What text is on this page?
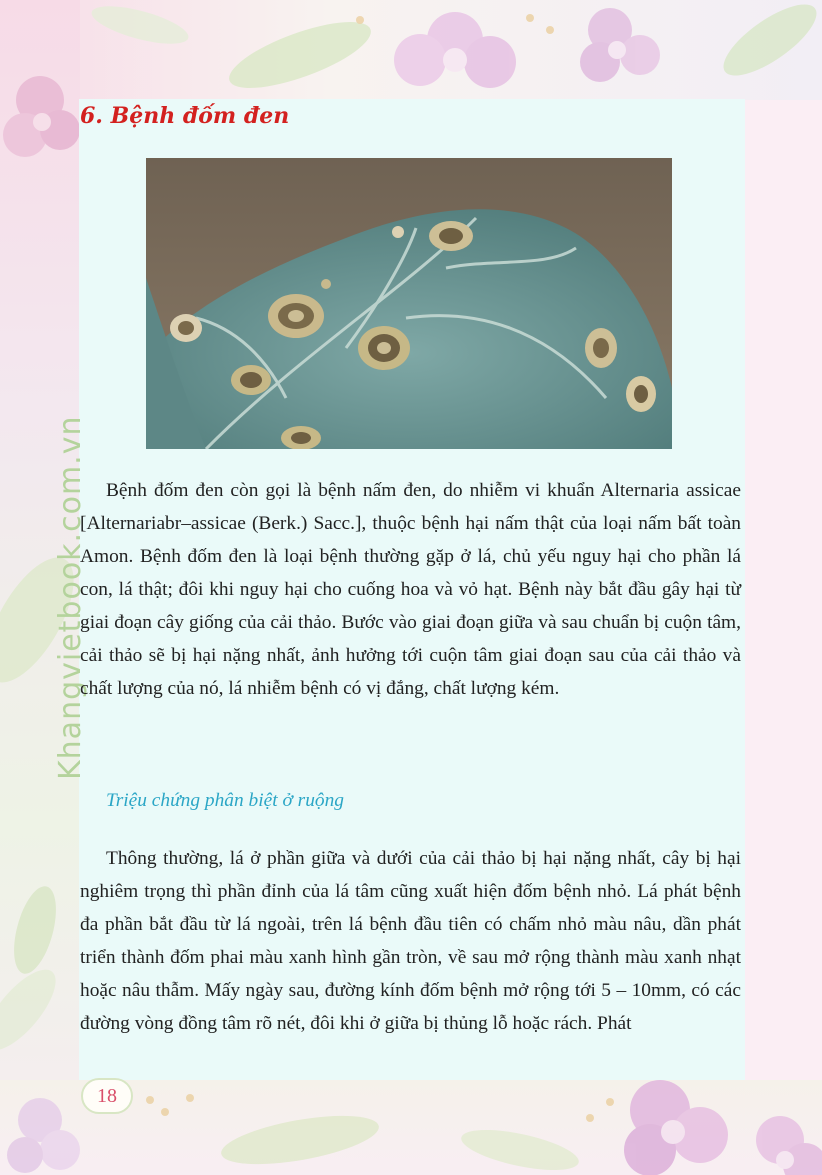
Khangvietbook.com.vn
6. Bệnh đốm đen

Bệnh đốm đen còn gọi là bệnh nấm đen, do nhiễm vi khuẩn Alternaria assicae [Alternariabr–assicae (Berk.) Sacc.], thuộc bệnh hại nấm thật của loại nấm bất toàn Amon. Bệnh đốm đen là loại bệnh thường gặp ở lá, chủ yếu nguy hại cho phần lá con, lá thật; đôi khi nguy hại cho cuống hoa và vỏ hạt. Bệnh này bắt đầu gây hại từ giai đoạn cây giống của cải thảo. Bước vào giai đoạn giữa và sau chuẩn bị cuộn tâm, cải thảo sẽ bị hại nặng nhất, ảnh hưởng tới cuộn tâm giai đoạn sau của cải thảo và chất lượng của nó, lá nhiễm bệnh có vị đắng, chất lượng kém.

Triệu chứng phân biệt ở ruộng

Thông thường, lá ở phần giữa và dưới của cải thảo bị hại nặng nhất, cây bị hại nghiêm trọng thì phần đỉnh của lá tâm cũng xuất hiện đốm bệnh nhỏ. Lá phát bệnh đa phần bắt đầu từ lá ngoài, trên lá bệnh đầu tiên có chấm nhỏ màu nâu, dần phát triển thành đốm phai màu xanh hình gần tròn, về sau mở rộng thành màu xanh nhạt hoặc nâu thẫm. Mấy ngày sau, đường kính đốm bệnh mở rộng tới 5 – 10mm, có các đường vòng đồng tâm rõ nét, đôi khi ở giữa bị thủng lỗ hoặc rách. Phát

18
